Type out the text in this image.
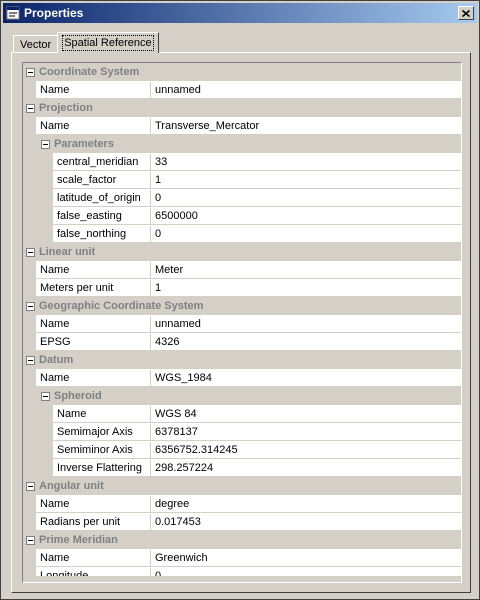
Properties
Vector Spatial Reference
Coordinate System
Name	unnamed
Projection
Name	Transverse_Mercator
Parameters
central_meridian	33
scale_factor	1
latitude_of_origin	0
false_easting	6500000
false_northing	0
Linear unit
Name	Meter
Meters per unit	1
Geographic Coordinate System
Name	unnamed
EPSG	4326
Datum
Name	WGS_1984
Spheroid
Name	WGS 84
Semimajor Axis	6378137
Semiminor Axis	6356752.314245
Inverse Flattering	298.257224
Angular unit
Name	degree
Radians per unit	0.017453
Prime Meridian
Name	Greenwich
